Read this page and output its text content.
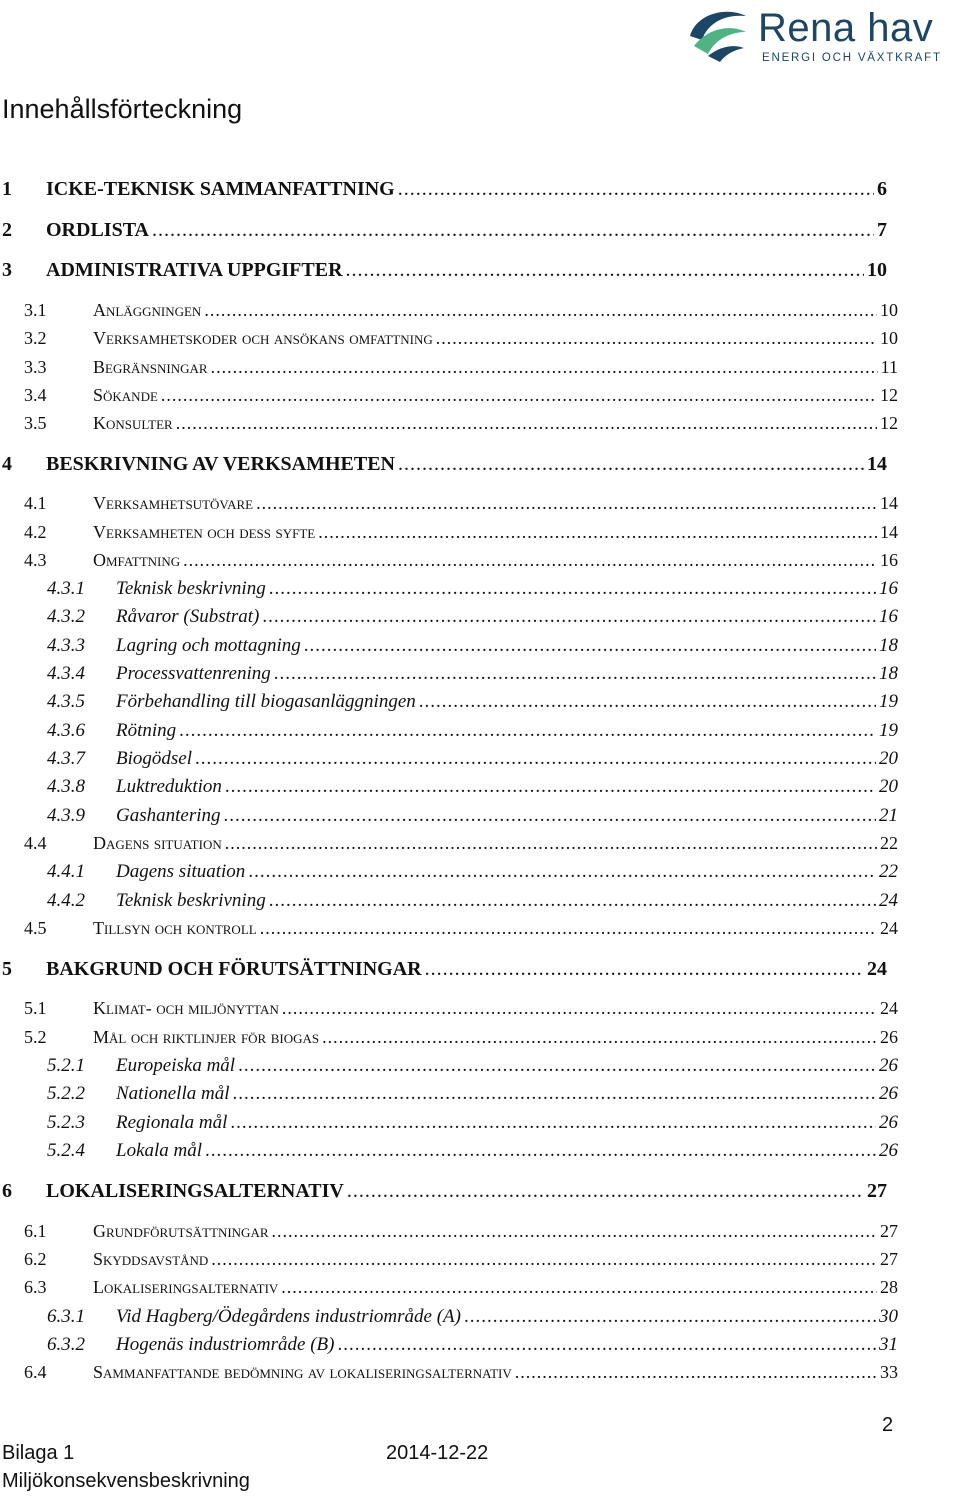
Rena hav
ENERGI OCH VÄXTKRAFT
Innehållsförteckning
1	ICKE-TEKNISK SAMMANFATTNING .....	6
2	ORDLISTA .....	7
3	ADMINISTRATIVA UPPGIFTER .....	10
3.1	Anläggningen .....	10
3.2	Verksamhetskoder och ansökans omfattning .....	10
3.3	Begränsningar .....	11
3.4	Sökande .....	12
3.5	Konsulter .....	12
4	BESKRIVNING AV VERKSAMHETEN .....	14
4.1	Verksamhetsutövare .....	14
4.2	Verksamheten och dess syfte .....	14
4.3	Omfattning .....	16
4.3.1	Teknisk beskrivning .....	16
4.3.2	Råvaror (Substrat) .....	16
4.3.3	Lagring och mottagning .....	18
4.3.4	Processvattenrening .....	18
4.3.5	Förbehandling till biogasanläggningen .....	19
4.3.6	Rötning .....	19
4.3.7	Biogödsel .....	20
4.3.8	Luktreduktion .....	20
4.3.9	Gashantering .....	21
4.4	Dagens situation .....	22
4.4.1	Dagens situation .....	22
4.4.2	Teknisk beskrivning .....	24
4.5	Tillsyn och kontroll .....	24
5	BAKGRUND OCH FÖRUTSÄTTNINGAR .....	24
5.1	Klimat- och miljönyttan .....	24
5.2	Mål och riktlinjer för biogas .....	26
5.2.1	Europeiska mål .....	26
5.2.2	Nationella mål .....	26
5.2.3	Regionala mål .....	26
5.2.4	Lokala mål .....	26
6	LOKALISERINGSALTERNATIV .....	27
6.1	Grundförutsättningar .....	27
6.2	Skyddsavstånd .....	27
6.3	Lokaliseringsalternativ .....	28
6.3.1	Vid Hagberg/Ödegårdens industriområde (A) .....	30
6.3.2	Hogenäs industriområde (B) .....	31
6.4	Sammanfattande bedömning av lokaliseringsalternativ .....	33
2
Bilaga 1	2014-12-22
Miljökonsekvensbeskrivning
